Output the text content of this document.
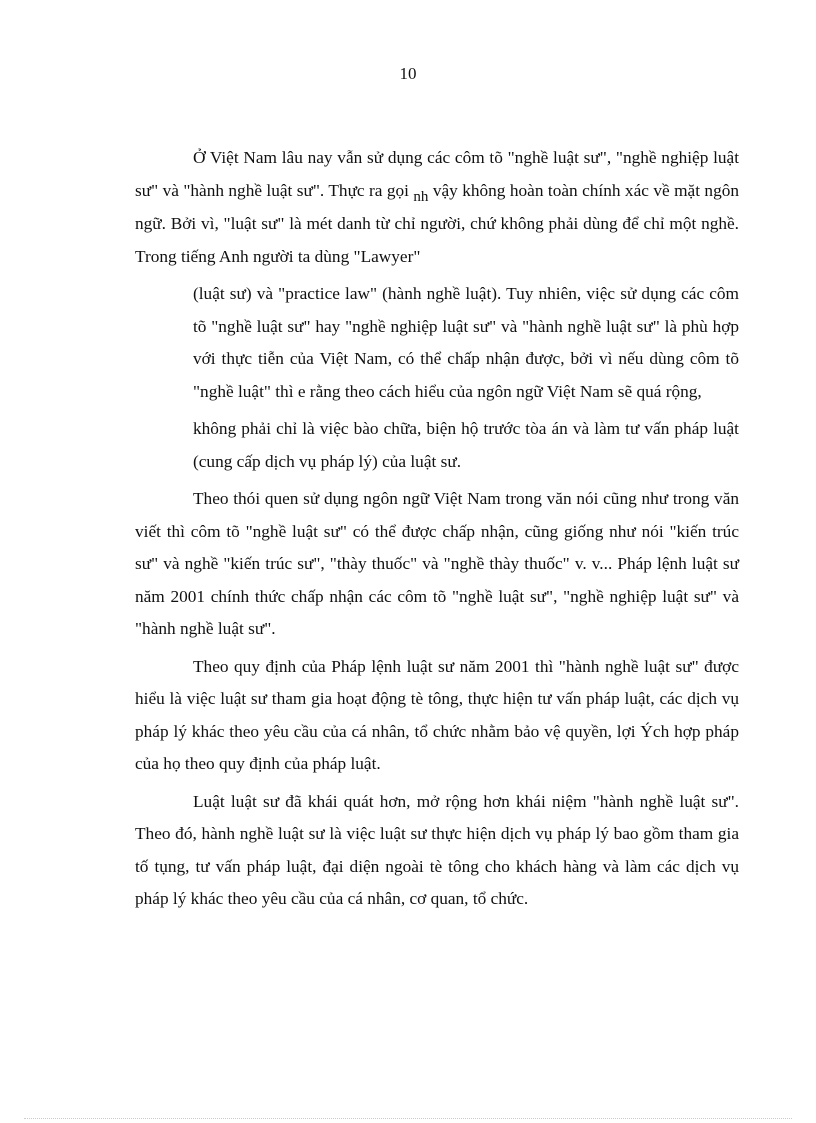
10

Ở Việt Nam lâu nay vẫn sử dụng các côm tõ "nghề luật sư", "nghề nghiệp luật sư" và "hành nghề luật sư". Thực ra gọi nh vậy không hoàn toàn chính xác về mặt ngôn ngữ. Bởi vì, "luật sư" là mét danh từ chỉ người, chứ không phải dùng để chỉ một nghề. Trong tiếng Anh người ta dùng "Lawyer"

(luật sư) và "practice law" (hành nghề luật). Tuy nhiên, việc sử dụng các côm tõ "nghề luật sư" hay "nghề nghiệp luật sư" và "hành nghề luật sư" là phù hợp với thực tiễn của Việt Nam, có thể chấp nhận được, bởi vì nếu dùng côm tõ "nghề luật" thì e rằng theo cách hiểu của ngôn ngữ Việt Nam sẽ quá rộng,

không phải chỉ là việc bào chữa, biện hộ trước tòa án và làm tư vấn pháp luật (cung cấp dịch vụ pháp lý) của luật sư.

Theo thói quen sử dụng ngôn ngữ Việt Nam trong văn nói cũng như trong văn viết thì côm tõ "nghề luật sư" có thể được chấp nhận, cũng giống như nói "kiến trúc sư" và nghề "kiến trúc sư", "thày thuốc" và "nghề thày thuốc" v. v... Pháp lệnh luật sư năm 2001 chính thức chấp nhận các côm tõ "nghề luật sư", "nghề nghiệp luật sư" và "hành nghề luật sư".

Theo quy định của Pháp lệnh luật sư năm 2001 thì "hành nghề luật sư" được hiểu là việc luật sư tham gia hoạt động tè tông, thực hiện tư vấn pháp luật, các dịch vụ pháp lý khác theo yêu cầu của cá nhân, tổ chức nhằm bảo vệ quyền, lợi Ých hợp pháp của họ theo quy định của pháp luật.

Luật luật sư đã khái quát hơn, mở rộng hơn khái niệm "hành nghề luật sư". Theo đó, hành nghề luật sư là việc luật sư thực hiện dịch vụ pháp lý bao gồm tham gia tố tụng, tư vấn pháp luật, đại diện ngoài tè tông cho khách hàng và làm các dịch vụ pháp lý khác theo yêu cầu của cá nhân, cơ quan, tổ chức.
